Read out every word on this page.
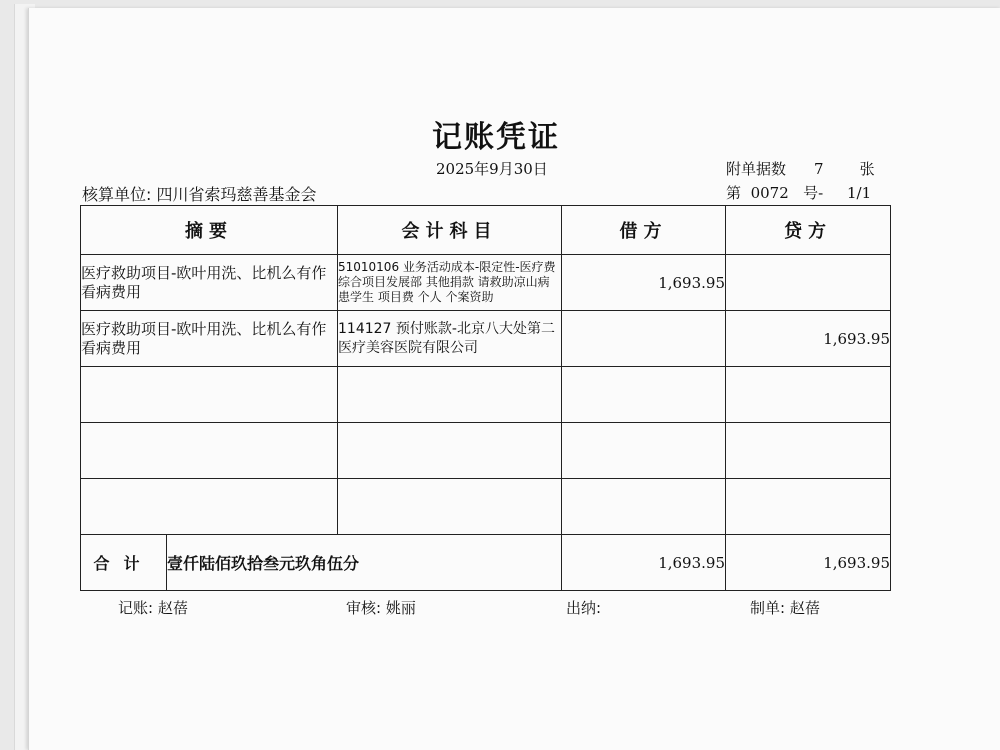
记账凭证
2025年9月30日	附单据数 7 张
核算单位: 四川省索玛慈善基金会	第 0072 号- 1/1
摘要		会计科目	借方	贷方
医疗救助项目-欧叶用洗、比机么有作看病费用		51010106 业务活动成本-限定性-医疗费 综合项目发展部 其他捐款 请救助凉山病患学生 项目费 个人 个案资助	1,693.95	
医疗救助项目-欧叶用洗、比机么有作看病费用		114127 预付账款-北京八大处第二医疗美容医院有限公司		1,693.95

合计	壹仟陆佰玖拾叁元玖角伍分		1,693.95	1,693.95
记账: 赵蓓	审核: 姚丽	出纳:	制单: 赵蓓
